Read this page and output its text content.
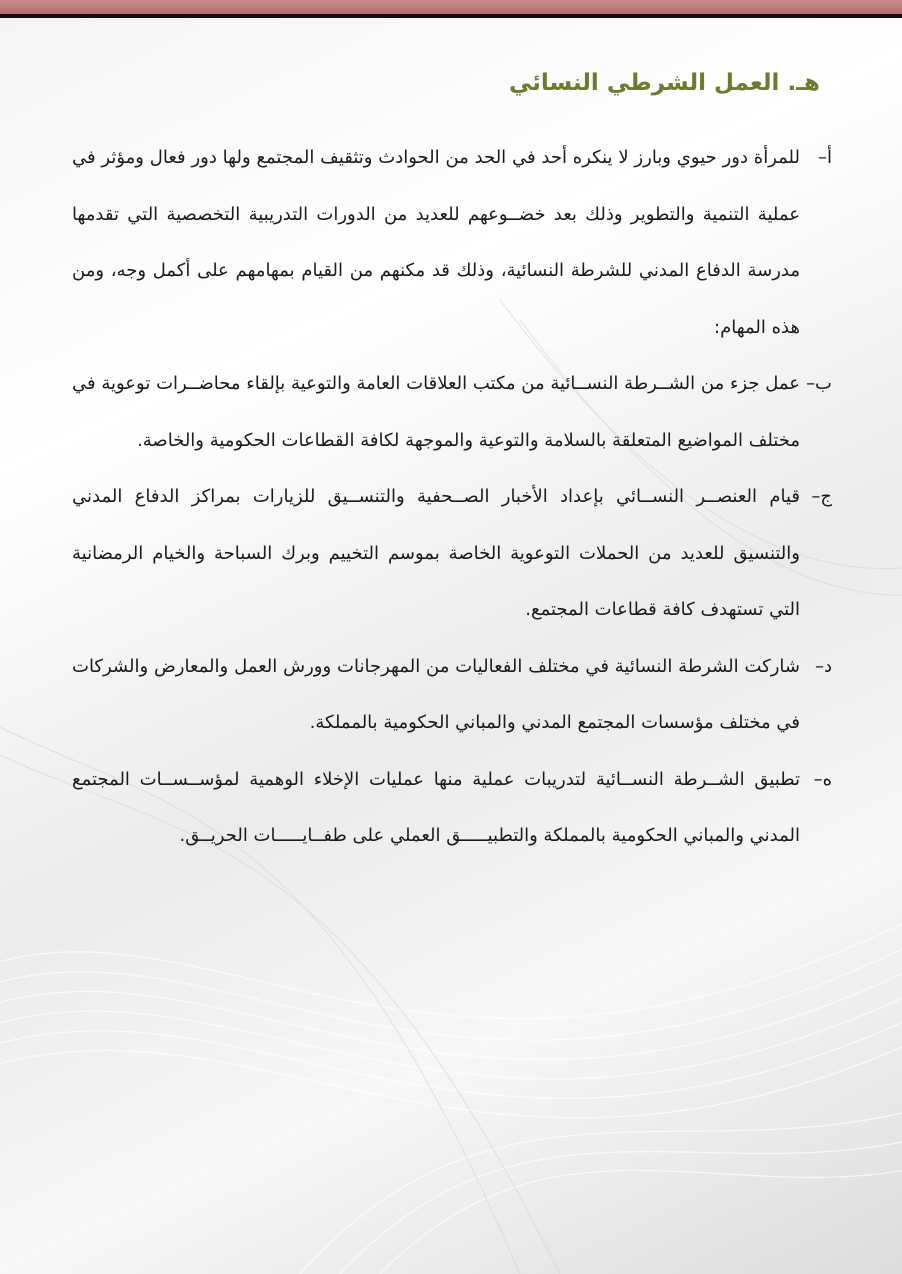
هـ. العمل الشرطي النسائي
أ–

للمرأة دور حيوي وبارز لا ينكره أحد في الحد من الحوادث وتثقيف المجتمع ولها دور فعال ومؤثر في عملية التنمية والتطوير وذلك بعد خضــوعهم للعديد من الدورات التدريبية التخصصية التي تقدمها مدرسة الدفاع المدني للشرطة النسائية، وذلك قد مكنهم من القيام بمهامهم على أكمل وجه، ومن هذه المهام:

ب–

عمل جزء من الشــرطة النســائية من مكتب العلاقات العامة والتوعية بإلقاء محاضــرات توعوية في مختلف المواضيع المتعلقة بالسلامة والتوعية والموجهة لكافة القطاعات الحكومية والخاصة.

ج–

قيام العنصــر النســائي بإعداد الأخبار الصــحفية والتنســيق للزيارات بمراكز الدفاع المدني والتنسيق للعديد من الحملات التوعوية الخاصة بموسم التخييم وبرك السباحة والخيام الرمضانية التي تستهدف كافة قطاعات المجتمع.

د–

شاركت الشرطة النسائية في مختلف الفعاليات من المهرجانات وورش العمل والمعارض والشركات في مختلف مؤسسات المجتمع المدني والمباني الحكومية بالمملكة.

ه–

تطبيق الشــرطة النســائية لتدريبات عملية منها عمليات الإخلاء الوهمية لمؤســســات المجتمع المدني والمباني الحكومية بالمملكة والتطبيـــــق العملي على طفــايـــــات الحريــق.
